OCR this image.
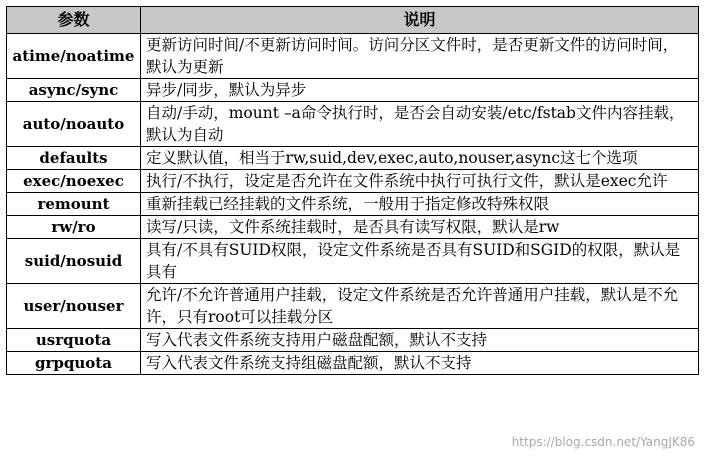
参数	说明
atime/noatime	更新访问时间/不更新访问时间。访问分区文件时，是否更新文件的访问时间，默认为更新
async/sync	异步/同步，默认为异步
auto/noauto	自动/手动，mount –a命令执行时，是否会自动安装/etc/fstab文件内容挂载，默认为自动
defaults	定义默认值，相当于rw,suid,dev,exec,auto,nouser,async这七个选项
exec/noexec	执行/不执行，设定是否允许在文件系统中执行可执行文件，默认是exec允许
remount	重新挂载已经挂载的文件系统，一般用于指定修改特殊权限
rw/ro	读写/只读，文件系统挂载时，是否具有读写权限，默认是rw
suid/nosuid	具有/不具有SUID权限，设定文件系统是否具有SUID和SGID的权限，默认是具有
user/nouser	允许/不允许普通用户挂载，设定文件系统是否允许普通用户挂载，默认是不允许，只有root可以挂载分区
usrquota	写入代表文件系统支持用户磁盘配额，默认不支持
grpquota	写入代表文件系统支持组磁盘配额，默认不支持
https://blog.csdn.net/YangJK86
